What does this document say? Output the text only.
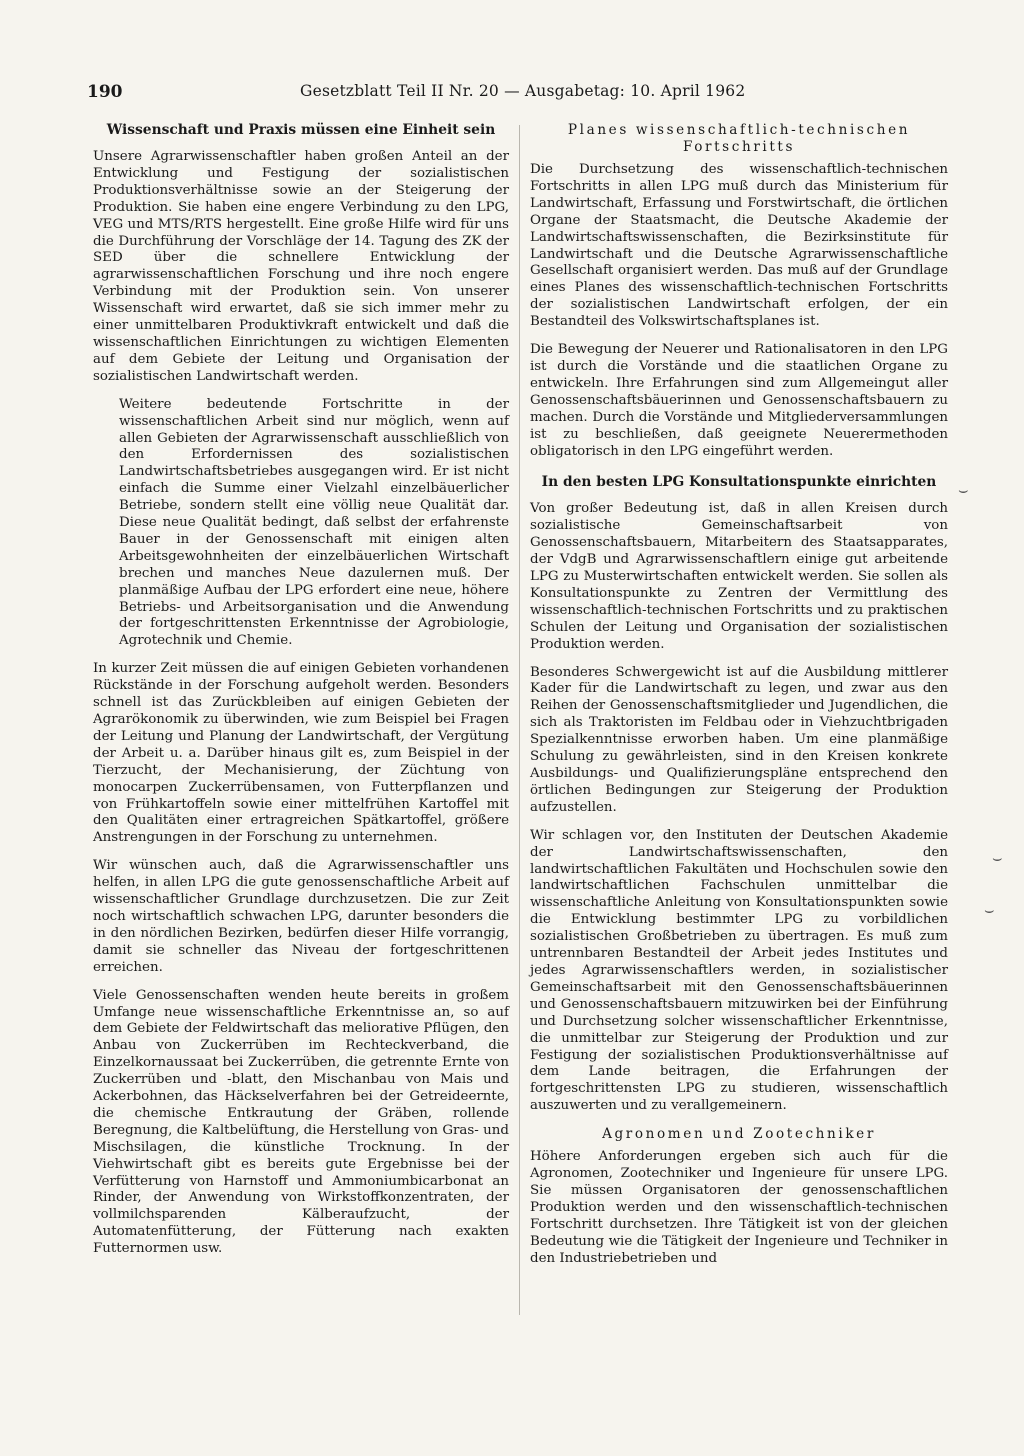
190	Gesetzblatt Teil II Nr. 20 — Ausgabetag: 10. April 1962
Wissenschaft und Praxis müssen eine Einheit sein

Unsere Agrarwissenschaftler haben großen Anteil an der Entwicklung und Festigung der sozialistischen Produktionsverhältnisse sowie an der Steigerung der Produktion. Sie haben eine engere Verbindung zu den LPG, VEG und MTS/RTS hergestellt. Eine große Hilfe wird für uns die Durchführung der Vorschläge der 14. Tagung des ZK der SED über die schnellere Entwicklung der agrarwissenschaftlichen Forschung und ihre noch engere Verbindung mit der Produktion sein. Von unserer Wissenschaft wird erwartet, daß sie sich immer mehr zu einer unmittelbaren Produktivkraft entwickelt und daß die wissenschaftlichen Einrichtungen zu wichtigen Elementen auf dem Gebiete der Leitung und Organisation der sozialistischen Landwirtschaft werden.

Weitere bedeutende Fortschritte in der wissenschaftlichen Arbeit sind nur möglich, wenn auf allen Gebieten der Agrarwissenschaft ausschließlich von den Erfordernissen des sozialistischen Landwirtschaftsbetriebes ausgegangen wird. Er ist nicht einfach die Summe einer Vielzahl einzelbäuerlicher Betriebe, sondern stellt eine völlig neue Qualität dar. Diese neue Qualität bedingt, daß selbst der erfahrenste Bauer in der Genossenschaft mit einigen alten Arbeitsgewohnheiten der einzelbäuerlichen Wirtschaft brechen und manches Neue dazulernen muß. Der planmäßige Aufbau der LPG erfordert eine neue, höhere Betriebs- und Arbeitsorganisation und die Anwendung der fortgeschrittensten Erkenntnisse der Agrobiologie, Agrotechnik und Chemie.

In kurzer Zeit müssen die auf einigen Gebieten vorhandenen Rückstände in der Forschung aufgeholt werden. Besonders schnell ist das Zurückbleiben auf einigen Gebieten der Agrarökonomik zu überwinden, wie zum Beispiel bei Fragen der Leitung und Planung der Landwirtschaft, der Vergütung der Arbeit u. a. Darüber hinaus gilt es, zum Beispiel in der Tierzucht, der Mechanisierung, der Züchtung von monocarpen Zuckerrübensamen, von Futterpflanzen und von Frühkartoffeln sowie einer mittelfrühen Kartoffel mit den Qualitäten einer ertragreichen Spätkartoffel, größere Anstrengungen in der Forschung zu unternehmen.

Wir wünschen auch, daß die Agrarwissenschaftler uns helfen, in allen LPG die gute genossenschaftliche Arbeit auf wissenschaftlicher Grundlage durchzusetzen. Die zur Zeit noch wirtschaftlich schwachen LPG, darunter besonders die in den nördlichen Bezirken, bedürfen dieser Hilfe vorrangig, damit sie schneller das Niveau der fortgeschrittenen erreichen.

Viele Genossenschaften wenden heute bereits in großem Umfange neue wissenschaftliche Erkenntnisse an, so auf dem Gebiete der Feldwirtschaft das meliorative Pflügen, den Anbau von Zuckerrüben im Rechteckverband, die Einzelkornaussaat bei Zuckerrüben, die getrennte Ernte von Zuckerrüben und -blatt, den Mischanbau von Mais und Ackerbohnen, das Häckselverfahren bei der Getreideernte, die chemische Entkrautung der Gräben, rollende Beregnung, die Kaltbelüftung, die Herstellung von Gras- und Mischsilagen, die künstliche Trocknung. In der Viehwirtschaft gibt es bereits gute Ergebnisse bei der Verfütterung von Harnstoff und Ammoniumbicarbonat an Rinder, der Anwendung von Wirkstoffkonzentraten, der vollmilchsparenden Kälberaufzucht, der Automatenfütterung, der Fütterung nach exakten Futternormen usw.

Planes wissenschaftlich-technischen Fortschritts

Die Durchsetzung des wissenschaftlich-technischen Fortschritts in allen LPG muß durch das Ministerium für Landwirtschaft, Erfassung und Forstwirtschaft, die örtlichen Organe der Staatsmacht, die Deutsche Akademie der Landwirtschaftswissenschaften, die Bezirksinstitute für Landwirtschaft und die Deutsche Agrarwissenschaftliche Gesellschaft organisiert werden. Das muß auf der Grundlage eines Planes des wissenschaftlich-technischen Fortschritts der sozialistischen Landwirtschaft erfolgen, der ein Bestandteil des Volkswirtschaftsplanes ist.

Die Bewegung der Neuerer und Rationalisatoren in den LPG ist durch die Vorstände und die staatlichen Organe zu entwickeln. Ihre Erfahrungen sind zum Allgemeingut aller Genossenschaftsbäuerinnen und Genossenschaftsbauern zu machen. Durch die Vorstände und Mitgliederversammlungen ist zu beschließen, daß geeignete Neuerermethoden obligatorisch in den LPG eingeführt werden.

In den besten LPG Konsultationspunkte einrichten

Von großer Bedeutung ist, daß in allen Kreisen durch sozialistische Gemeinschaftsarbeit von Genossenschaftsbauern, Mitarbeitern des Staatsapparates, der VdgB und Agrarwissenschaftlern einige gut arbeitende LPG zu Musterwirtschaften entwickelt werden. Sie sollen als Konsultationspunkte zu Zentren der Vermittlung des wissenschaftlich-technischen Fortschritts und zu praktischen Schulen der Leitung und Organisation der sozialistischen Produktion werden.

Besonderes Schwergewicht ist auf die Ausbildung mittlerer Kader für die Landwirtschaft zu legen, und zwar aus den Reihen der Genossenschaftsmitglieder und Jugendlichen, die sich als Traktoristen im Feldbau oder in Viehzuchtbrigaden Spezialkenntnisse erworben haben. Um eine planmäßige Schulung zu gewährleisten, sind in den Kreisen konkrete Ausbildungs- und Qualifizierungspläne entsprechend den örtlichen Bedingungen zur Steigerung der Produktion aufzustellen.

Wir schlagen vor, den Instituten der Deutschen Akademie der Landwirtschaftswissenschaften, den landwirtschaftlichen Fakultäten und Hochschulen sowie den landwirtschaftlichen Fachschulen unmittelbar die wissenschaftliche Anleitung von Konsultationspunkten sowie die Entwicklung bestimmter LPG zu vorbildlichen sozialistischen Großbetrieben zu übertragen. Es muß zum untrennbaren Bestandteil der Arbeit jedes Institutes und jedes Agrarwissenschaftlers werden, in sozialistischer Gemeinschaftsarbeit mit den Genossenschaftsbäuerinnen und Genossenschaftsbauern mitzuwirken bei der Einführung und Durchsetzung solcher wissenschaftlicher Erkenntnisse, die unmittelbar zur Steigerung der Produktion und zur Festigung der sozialistischen Produktionsverhältnisse auf dem Lande beitragen, die Erfahrungen der fortgeschrittensten LPG zu studieren, wissenschaftlich auszuwerten und zu verallgemeinern.

Agronomen und Zootechniker

Höhere Anforderungen ergeben sich auch für die Agronomen, Zootechniker und Ingenieure für unsere LPG. Sie müssen Organisatoren der genossenschaftlichen Produktion werden und den wissenschaftlich-technischen Fortschritt durchsetzen. Ihre Tätigkeit ist von der gleichen Bedeutung wie die Tätigkeit der Ingenieure und Techniker in den Industriebetrieben und

⌣
⌣
⌣
